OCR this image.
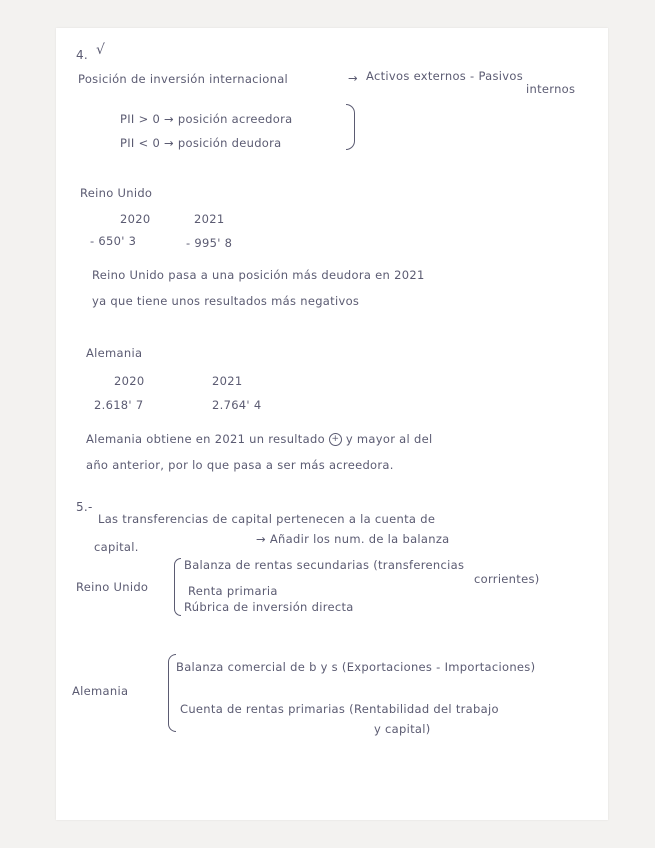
4. √
Posición de inversión internacional	→ Activos externos - Pasivos
internos
PII > 0 → posición acreedora
PII < 0 → posición deudora
Reino Unido
2020	2021
- 650' 3	- 995' 8
Reino Unido pasa a una posición más deudora en 2021
ya que tiene unos resultados más negativos
Alemania
2020	2021
2.618' 7	2.764' 4
Alemania obtiene en 2021 un resultado + y mayor al del
año anterior, por lo que pasa a ser más acreedora.
5.-
Las transferencias de capital pertenecen a la cuenta de
capital.
→ Añadir los num. de la balanza
Reino Unido
Balanza de rentas secundarias (transferencias
corrientes)
Renta primaria
Rúbrica de inversión directa
Alemania
Balanza comercial de b y s (Exportaciones - Importaciones)
Cuenta de rentas primarias (Rentabilidad del trabajo
y capital)
